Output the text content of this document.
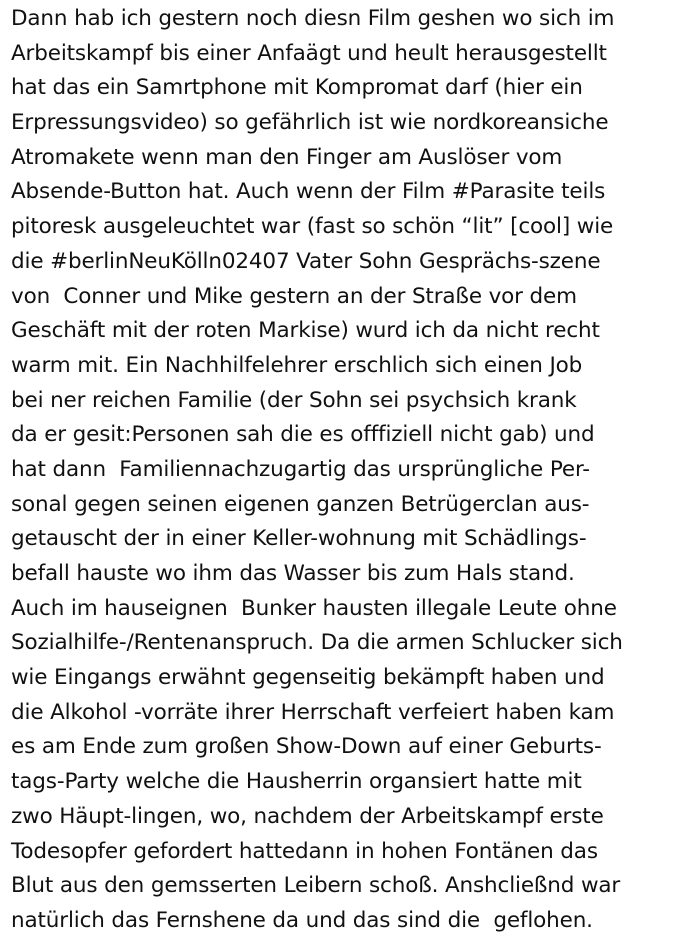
Dann hab ich gestern noch diesn Film geshen wo sich im
Arbeitskampf bis einer Anfaägt und heult herausgestellt
hat das ein Samrtphone mit Kompromat darf (hier ein
Erpressungsvideo) so gefährlich ist wie nordkoreansiche
Atromakete wenn man den Finger am Auslöser vom
Absende-Button hat. Auch wenn der Film #Parasite teils
pitoresk ausgeleuchtet war (fast so schön “lit” [cool] wie
die #berlinNeuKölln02407 Vater Sohn Gesprächs-szene
von  Conner und Mike gestern an der Straße vor dem
Geschäft mit der roten Markise) wurd ich da nicht recht
warm mit. Ein Nachhilfelehrer erschlich sich einen Job
bei ner reichen Familie (der Sohn sei psychsich krank
da er gesit:Personen sah die es offfiziell nicht gab) und
hat dann  Familiennachzugartig das ursprüngliche Per-
sonal gegen seinen eigenen ganzen Betrügerclan aus-
getauscht der in einer Keller-wohnung mit Schädlings-
befall hauste wo ihm das Wasser bis zum Hals stand.
Auch im hauseignen  Bunker hausten illegale Leute ohne
Sozialhilfe-/Rentenanspruch. Da die armen Schlucker sich
wie Eingangs erwähnt gegenseitig bekämpft haben und
die Alkohol -vorräte ihrer Herrschaft verfeiert haben kam
es am Ende zum großen Show-Down auf einer Geburts-
tags-Party welche die Hausherrin organsiert hatte mit
zwo Häupt-lingen, wo, nachdem der Arbeitskampf erste
Todesopfer gefordert hattedann in hohen Fontänen das
Blut aus den gemsserten Leibern schoß. Anshcließnd war
natürlich das Fernshene da und das sind die  geflohen.
